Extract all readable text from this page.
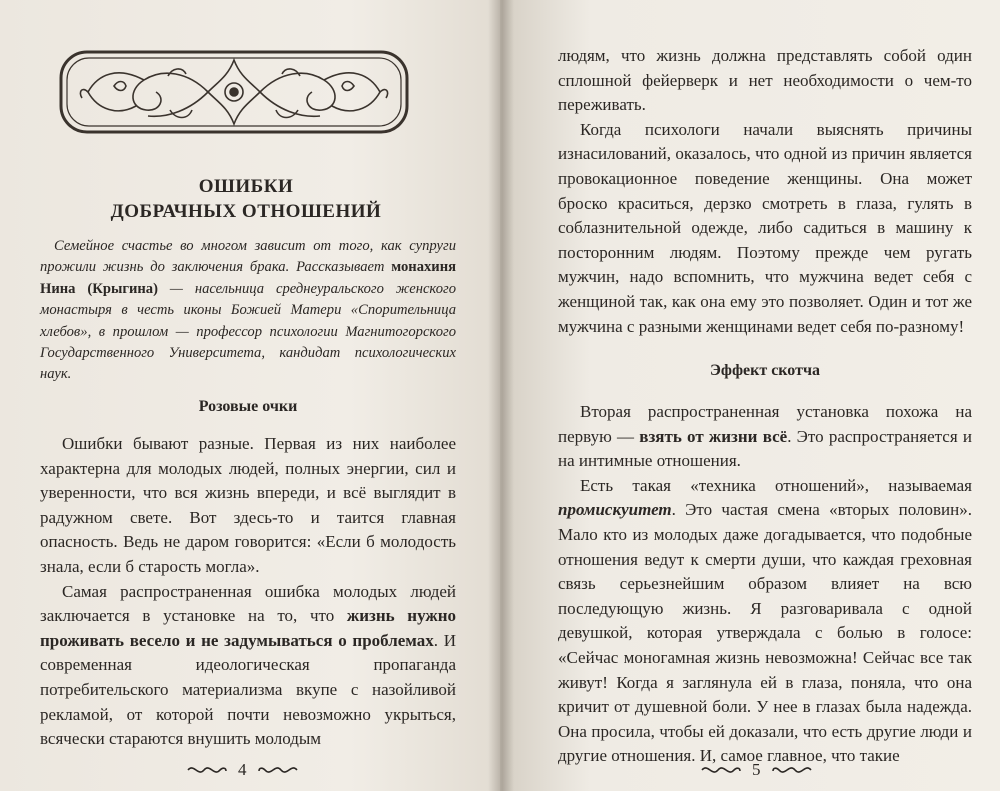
ОШИБКИ
ДОБРАЧНЫХ ОТНОШЕНИЙ
Семейное счастье во многом зависит от того, как супруги прожили жизнь до заключения брака. Рассказывает монахиня Нина (Крыгина) — насельница среднеуральского женского монастыря в честь иконы Божией Матери «Спорительница хлебов», в прошлом — профессор психологии Магнитогорского Государственного Университета, кандидат психологических наук.
Розовые очки

Ошибки бывают разные. Первая из них наиболее характерна для молодых людей, полных энергии, сил и уверенности, что вся жизнь впереди, и всё выглядит в радужном свете. Вот здесь-то и таится главная опасность. Ведь не даром говорится: «Если б молодость знала, если б старость могла».

Самая распространенная ошибка молодых людей заключается в установке на то, что жизнь нужно проживать весело и не задумываться о проблемах. И современная идеологическая пропаганда потребительского материализма вкупе с назойливой рекламой, от которой почти невозможно укрыться, всячески стараются внушить молодым

4

людям, что жизнь должна представлять собой один сплошной фейерверк и нет необходимости о чем-то переживать.

Когда психологи начали выяснять причины изнасилований, оказалось, что одной из причин является провокационное поведение женщины. Она может броско краситься, дерзко смотреть в глаза, гулять в соблазнительной одежде, либо садиться в машину к посторонним людям. Поэтому прежде чем ругать мужчин, надо вспомнить, что мужчина ведет себя с женщиной так, как она ему это позволяет. Один и тот же мужчина с разными женщинами ведет себя по-разному!

Эффект скотча

Вторая распространенная установка похожа на первую — взять от жизни всё. Это распространяется и на интимные отношения.

Есть такая «техника отношений», называемая промискуитет. Это частая смена «вторых половин». Мало кто из молодых даже догадывается, что подобные отношения ведут к смерти души, что каждая греховная связь серьезнейшим образом влияет на всю последующую жизнь. Я разговаривала с одной девушкой, которая утверждала с болью в голосе: «Сейчас моногамная жизнь невозможна! Сейчас все так живут! Когда я заглянула ей в глаза, поняла, что она кричит от душевной боли. У нее в глазах была надежда. Она просила, чтобы ей доказали, что есть другие люди и другие отношения. И, самое главное, что такие

5
